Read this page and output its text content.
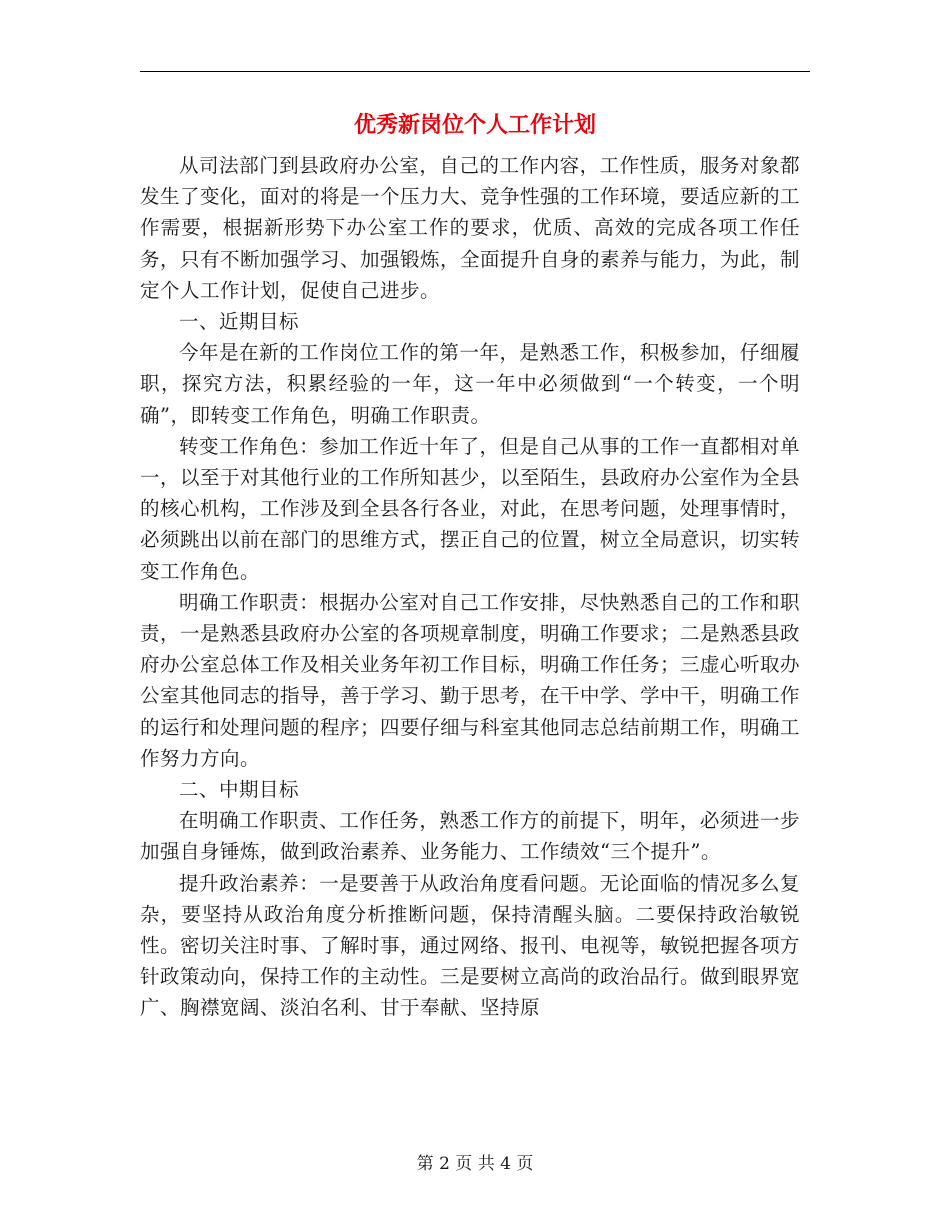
优秀新岗位个人工作计划

从司法部门到县政府办公室，自己的工作内容，工作性质，服务对象都发生了变化，面对的将是一个压力大、竞争性强的工作环境，要适应新的工作需要，根据新形势下办公室工作的要求，优质、高效的完成各项工作任务，只有不断加强学习、加强锻炼，全面提升自身的素养与能力，为此，制定个人工作计划，促使自己进步。

一、近期目标

今年是在新的工作岗位工作的第一年，是熟悉工作，积极参加，仔细履职，探究方法，积累经验的一年，这一年中必须做到“一个转变，一个明确”，即转变工作角色，明确工作职责。

转变工作角色：参加工作近十年了，但是自己从事的工作一直都相对单一，以至于对其他行业的工作所知甚少，以至陌生，县政府办公室作为全县的核心机构，工作涉及到全县各行各业，对此，在思考问题，处理事情时，必须跳出以前在部门的思维方式，摆正自己的位置，树立全局意识，切实转变工作角色。

明确工作职责：根据办公室对自己工作安排，尽快熟悉自己的工作和职责，一是熟悉县政府办公室的各项规章制度，明确工作要求；二是熟悉县政府办公室总体工作及相关业务年初工作目标，明确工作任务；三虚心听取办公室其他同志的指导，善于学习、勤于思考，在干中学、学中干，明确工作的运行和处理问题的程序；四要仔细与科室其他同志总结前期工作，明确工作努力方向。

二、中期目标

在明确工作职责、工作任务，熟悉工作方的前提下，明年，必须进一步加强自身锤炼，做到政治素养、业务能力、工作绩效“三个提升”。

提升政治素养：一是要善于从政治角度看问题。无论面临的情况多么复杂，要坚持从政治角度分析推断问题，保持清醒头脑。二要保持政治敏锐性。密切关注时事、了解时事，通过网络、报刊、电视等，敏锐把握各项方针政策动向，保持工作的主动性。三是要树立高尚的政治品行。做到眼界宽广、胸襟宽阔、淡泊名利、甘于奉献、坚持原

第 2 页 共 4 页
